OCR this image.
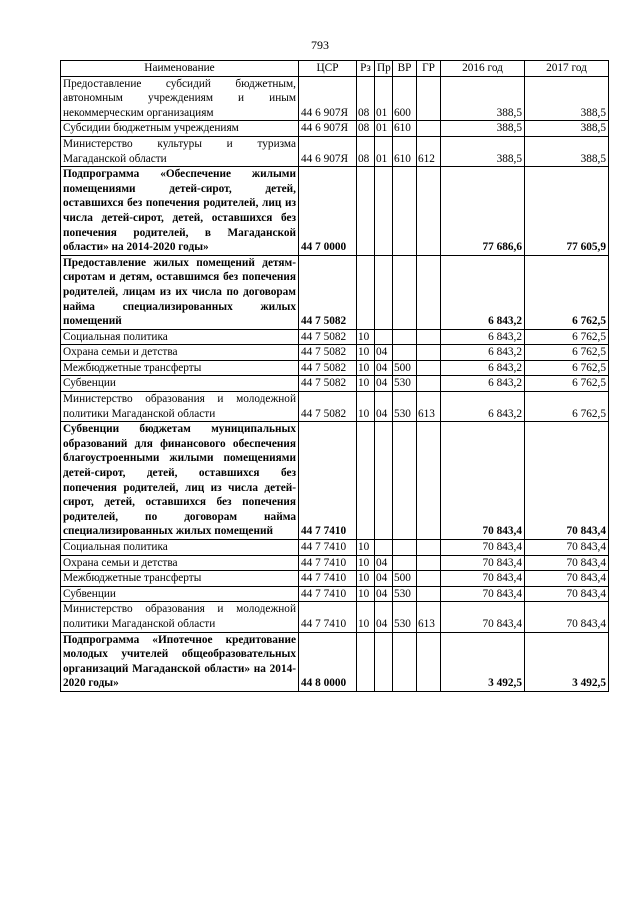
793
Наименование	ЦСР	Рз	Пр	ВР	ГР	2016 год	2017 год
Предоставление субсидий бюджетным, автономным учреждениям и иным некоммерческим организациям	44 6 907Я	08	01	600		388,5	388,5
Субсидии бюджетным учреждениям	44 6 907Я	08	01	610		388,5	388,5
Министерство культуры и туризма Магаданской области	44 6 907Я	08	01	610	612	388,5	388,5
Подпрограмма «Обеспечение жилыми помещениями детей-сирот, детей, оставшихся без попечения родителей, лиц из числа детей-сирот, детей, оставшихся без попечения родителей, в Магаданской области» на 2014-2020 годы»	44 7 0000					77 686,6	77 605,9
Предоставление жилых помещений детям-сиротам и детям, оставшимся без попечения родителей, лицам из их числа по договорам найма специализированных жилых помещений	44 7 5082					6 843,2	6 762,5
Социальная политика	44 7 5082	10				6 843,2	6 762,5
Охрана семьи и детства	44 7 5082	10	04			6 843,2	6 762,5
Межбюджетные трансферты	44 7 5082	10	04	500		6 843,2	6 762,5
Субвенции	44 7 5082	10	04	530		6 843,2	6 762,5
Министерство образования и молодежной политики Магаданской области	44 7 5082	10	04	530	613	6 843,2	6 762,5
Субвенции бюджетам муниципальных образований для финансового обеспечения благоустроенными жилыми помещениями детей-сирот, детей, оставшихся без попечения родителей, лиц из числа детей-сирот, детей, оставшихся без попечения родителей, по договорам найма специализированных жилых помещений	44 7 7410					70 843,4	70 843,4
Социальная политика	44 7 7410	10				70 843,4	70 843,4
Охрана семьи и детства	44 7 7410	10	04			70 843,4	70 843,4
Межбюджетные трансферты	44 7 7410	10	04	500		70 843,4	70 843,4
Субвенции	44 7 7410	10	04	530		70 843,4	70 843,4
Министерство образования и молодежной политики Магаданской области	44 7 7410	10	04	530	613	70 843,4	70 843,4
Подпрограмма «Ипотечное кредитование молодых учителей общеобразовательных организаций Магаданской области» на 2014-2020 годы»	44 8 0000					3 492,5	3 492,5
